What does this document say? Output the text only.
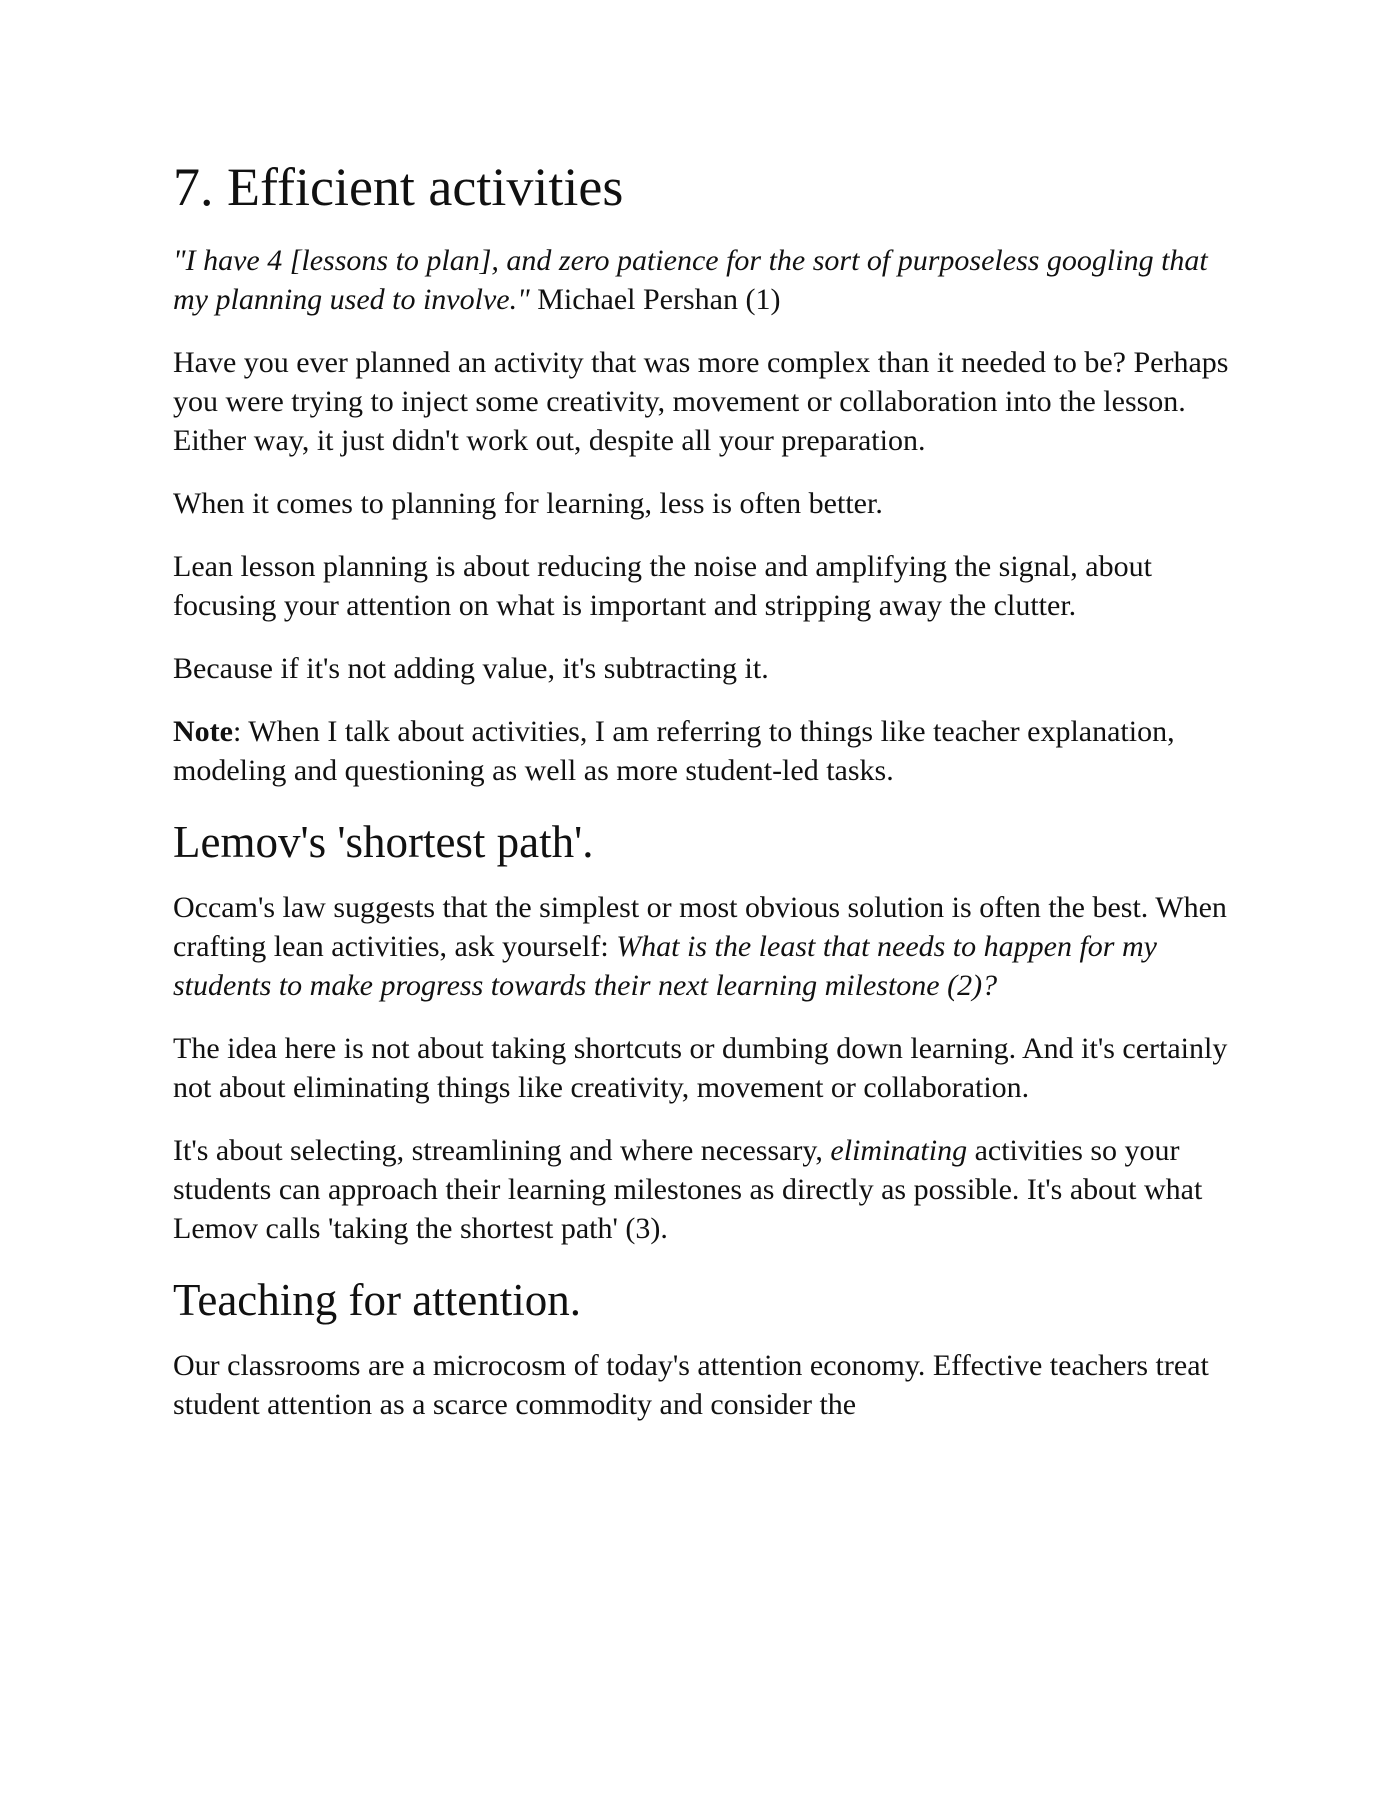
7. Efficient activities

"I have 4 [lessons to plan], and zero patience for the sort of purposeless googling that my planning used to involve." Michael Pershan (1)

Have you ever planned an activity that was more complex than it needed to be? Perhaps you were trying to inject some creativity, movement or collaboration into the lesson. Either way, it just didn't work out, despite all your preparation.

When it comes to planning for learning, less is often better.

Lean lesson planning is about reducing the noise and amplifying the signal, about focusing your attention on what is important and stripping away the clutter.

Because if it's not adding value, it's subtracting it.

Note: When I talk about activities, I am referring to things like teacher explanation, modeling and questioning as well as more student-led tasks.

Lemov's 'shortest path'.

Occam's law suggests that the simplest or most obvious solution is often the best. When crafting lean activities, ask yourself: What is the least that needs to happen for my students to make progress towards their next learning milestone (2)?

The idea here is not about taking shortcuts or dumbing down learning. And it's certainly not about eliminating things like creativity, movement or collaboration.

It's about selecting, streamlining and where necessary, eliminating activities so your students can approach their learning milestones as directly as possible. It's about what Lemov calls 'taking the shortest path' (3).

Teaching for attention.

Our classrooms are a microcosm of today's attention economy. Effective teachers treat student attention as a scarce commodity and consider the
